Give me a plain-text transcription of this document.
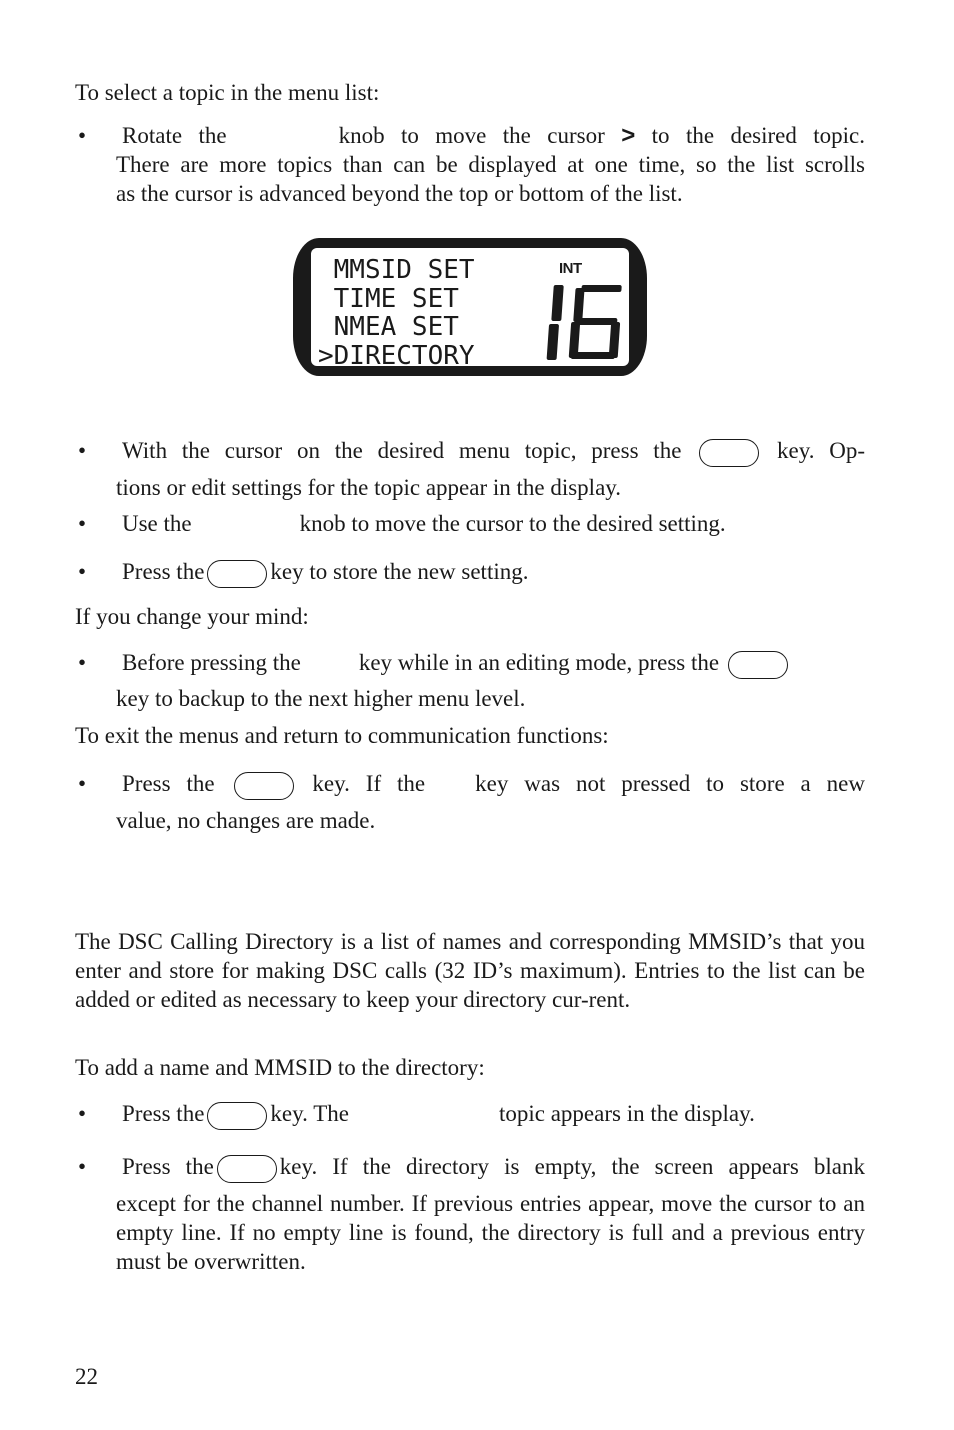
To select a topic in the menu list:

• Rotate the	knob to move the cursor > to the desired topic.
There are more topics than can be displayed at one time, so the list scrolls
as the cursor is advanced beyond the top or bottom of the list.
MMSID SET
TIME SET
NMEA SET
>DIRECTORY
INT
16
• With the cursor on the desired menu topic, press the	key. Op-
tions or edit settings for the topic appear in the display.
• Use the	knob to move the cursor to the desired setting.
• Press the	key to store the new setting.

If you change your mind:

• Before pressing the	key while in an editing mode, press the
key to backup to the next higher menu level.

To exit the menus and return to communication functions:

• Press the	key. If the key was not pressed to store a new
value, no changes are made.

The DSC Calling Directory is a list of names and corresponding MMSID’s that you enter and store for making DSC calls (32 ID’s maximum). Entries to the list can be added or edited as necessary to keep your directory cur-rent.

To add a name and MMSID to the directory:

• Press the	key. The	topic appears in the display.
• Press the	key. If the directory is empty, the screen appears blank
except for the channel number. If previous entries appear, move the cursor to an empty line. If no empty line is found, the directory is full and a previous entry must be overwritten.

22
